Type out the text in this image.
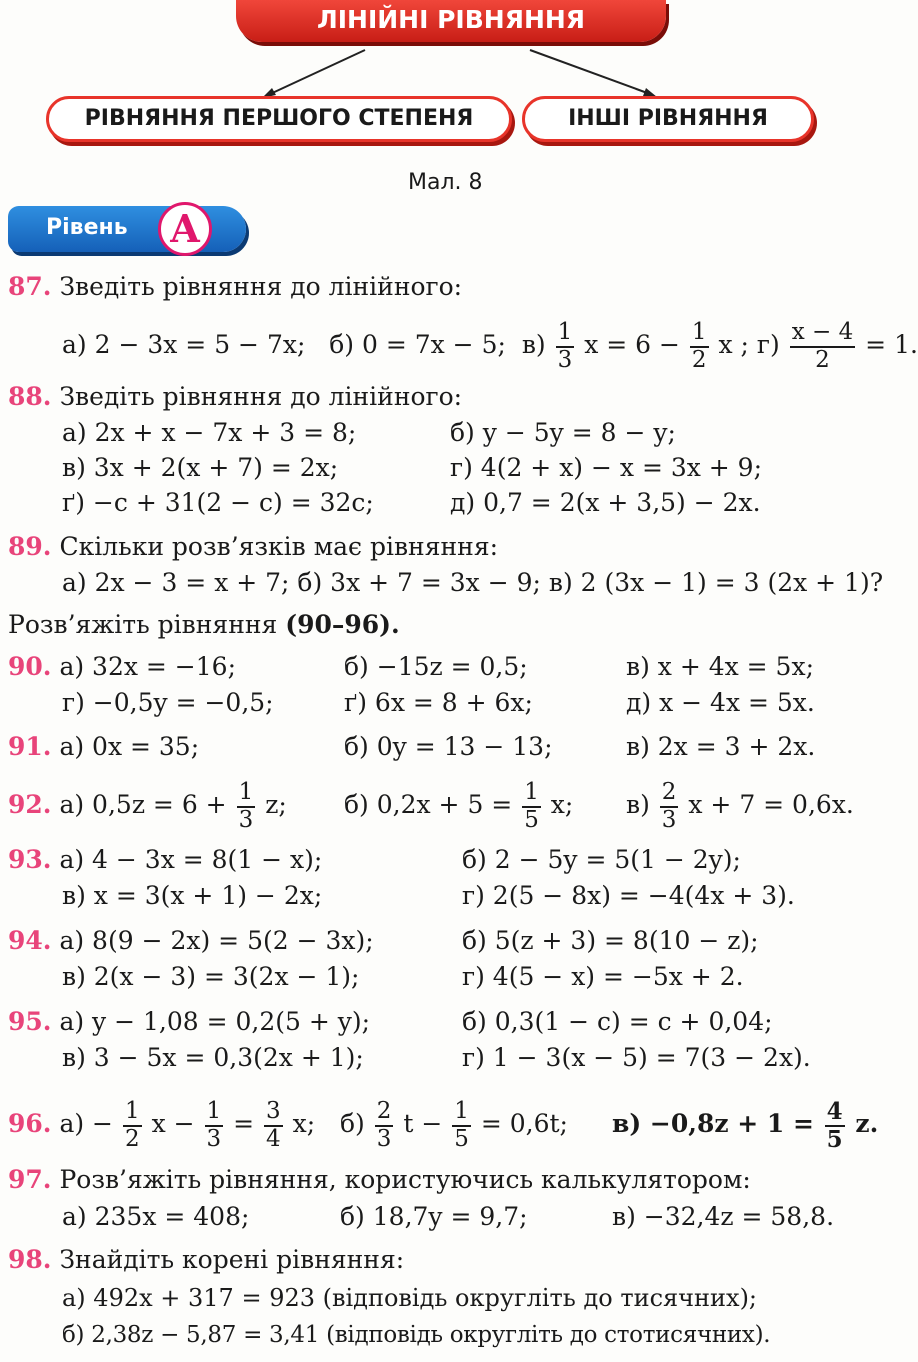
ЛІНІЙНІ РІВНЯННЯ
РІВНЯННЯ ПЕРШОГО СТЕПЕНЯ	ІНШІ РІВНЯННЯ
Мал. 8
Рівень	A
87. Зведіть рівняння до лінійного:
а) 2 − 3x = 5 − 7x; б) 0 = 7x − 5; $в) \frac{1}{3}$ $x = 6 - \frac{1}{2}$ x ; $г) \frac{x - 4}{2} = 1$.
88. Зведіть рівняння до лінійного:
а) 2x + x − 7x + 3 = 8;	б) y − 5y = 8 − y;
в) 3x + 2(x + 7) = 2x;	г) 4(2 + x) − x = 3x + 9;
ґ) −c + 31(2 − c) = 32c;	д) 0,7 = 2(x + 3,5) − 2x.
89. Скільки розв’язків має рівняння:
а) 2x − 3 = x + 7; б) 3x + 7 = 3x − 9; в) 2 (3x − 1) = 3 (2x + 1)?
Розв’яжіть рівняння (90–96).
90. а) 32x = −16;	б) −15z = 0,5;	в) x + 4x = 5x;
г) −0,5y = −0,5;	ґ) 6x = 8 + 6x;	д) x − 4x = 5x.
91. а) 0x = 35;	б) 0y = 13 − 13;	в) 2x = 3 + 2x.
92. а) $0,5z = 6 + \frac{1}{3} z$; б) $0,2x + 5 = \frac{1}{5} x$; $в) \frac{2}{3}$ x + 7 = 0,6x.
93. а) 4 − 3x = 8(1 − x);	б) 2 − 5y = 5(1 − 2y);
в) x = 3(x + 1) − 2x;	г) 2(5 − 8x) = −4(4x + 3).
94. а) 8(9 − 2x) = 5(2 − 3x);	б) 5(z + 3) = 8(10 − z);
в) 2(x − 3) = 3(2x − 1);	г) 4(5 − x) = −5x + 2.
95. а) y − 1,08 = 0,2(5 + y);	б) 0,3(1 − c) = c + 0,04;
в) 3 − 5x = 0,3(2x + 1);	г) 1 − 3(x − 5) = 7(3 − 2x).
96. $а) - \frac{1}{2}$ $x - \frac{1}{3} = \frac{3}{4} x$; $б) \frac{2}{3}$ $t - \frac{1}{5} = 0,6t$; $в) -0,8z + 1 = \frac{4}{5} z$.
97. Розв’яжіть рівняння, користуючись калькулятором:
а) 235x = 408;	б) 18,7y = 9,7;	в) −32,4z = 58,8.
98. Знайдіть корені рівняння:
а) 492x + 317 = 923 (відповідь округліть до тисячних);
б) 2,38z − 5,87 = 3,41 (відповідь округліть до стотисячних).
